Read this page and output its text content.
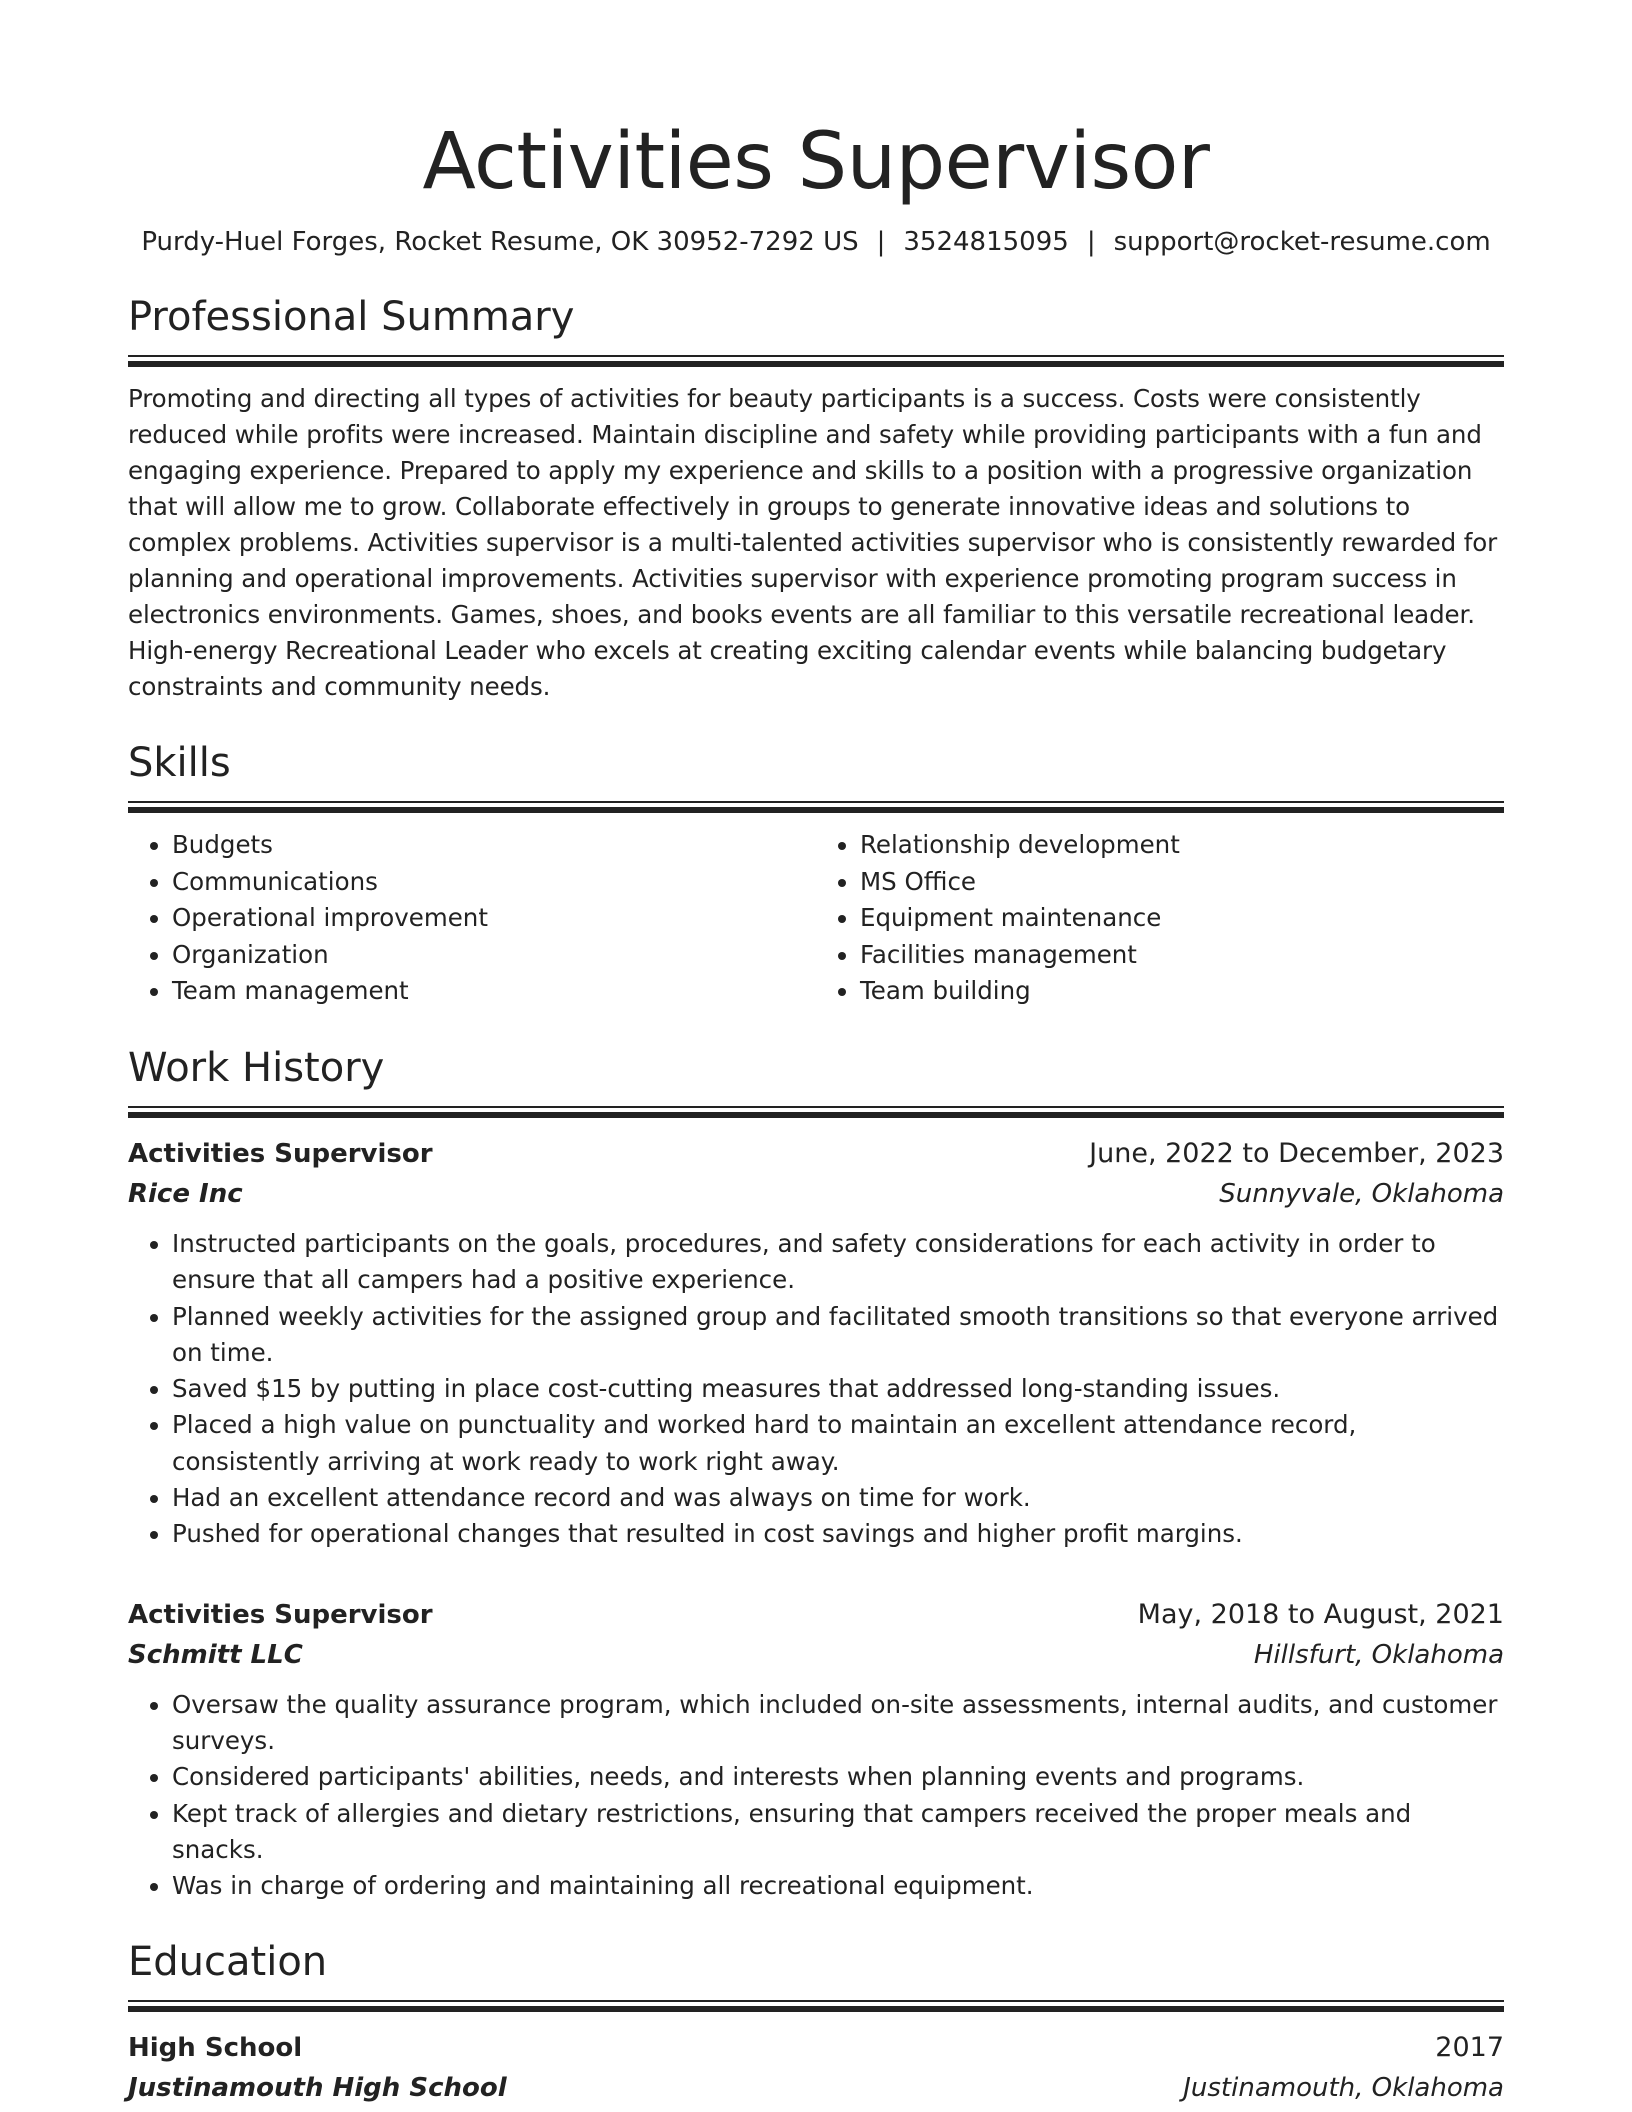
Activities Supervisor
Purdy-Huel Forges, Rocket Resume, OK 30952-7292 US | 3524815095 | support@rocket-resume.com
Professional Summary
Promoting and directing all types of activities for beauty participants is a success. Costs were consistently reduced while profits were increased. Maintain discipline and safety while providing participants with a fun and engaging experience. Prepared to apply my experience and skills to a position with a progressive organization that will allow me to grow. Collaborate effectively in groups to generate innovative ideas and solutions to complex problems. Activities supervisor is a multi-talented activities supervisor who is consistently rewarded for planning and operational improvements. Activities supervisor with experience promoting program success in electronics environments. Games, shoes, and books events are all familiar to this versatile recreational leader. High-energy Recreational Leader who excels at creating exciting calendar events while balancing budgetary constraints and community needs.
Skills
• Budgets
• Communications
• Operational improvement
• Organization
• Team management
• Relationship development
• MS Office
• Equipment maintenance
• Facilities management
• Team building
Work History
Activities Supervisor	June, 2022 to December, 2023
Rice Inc	Sunnyvale, Oklahoma
• Instructed participants on the goals, procedures, and safety considerations for each activity in order to ensure that all campers had a positive experience.
• Planned weekly activities for the assigned group and facilitated smooth transitions so that everyone arrived on time.
• Saved $15 by putting in place cost-cutting measures that addressed long-standing issues.
• Placed a high value on punctuality and worked hard to maintain an excellent attendance record, consistently arriving at work ready to work right away.
• Had an excellent attendance record and was always on time for work.
• Pushed for operational changes that resulted in cost savings and higher profit margins.
Activities Supervisor	May, 2018 to August, 2021
Schmitt LLC	Hillsfurt, Oklahoma
• Oversaw the quality assurance program, which included on-site assessments, internal audits, and customer surveys.
• Considered participants' abilities, needs, and interests when planning events and programs.
• Kept track of allergies and dietary restrictions, ensuring that campers received the proper meals and snacks.
• Was in charge of ordering and maintaining all recreational equipment.
Education
High School	2017
Justinamouth High School	Justinamouth, Oklahoma
